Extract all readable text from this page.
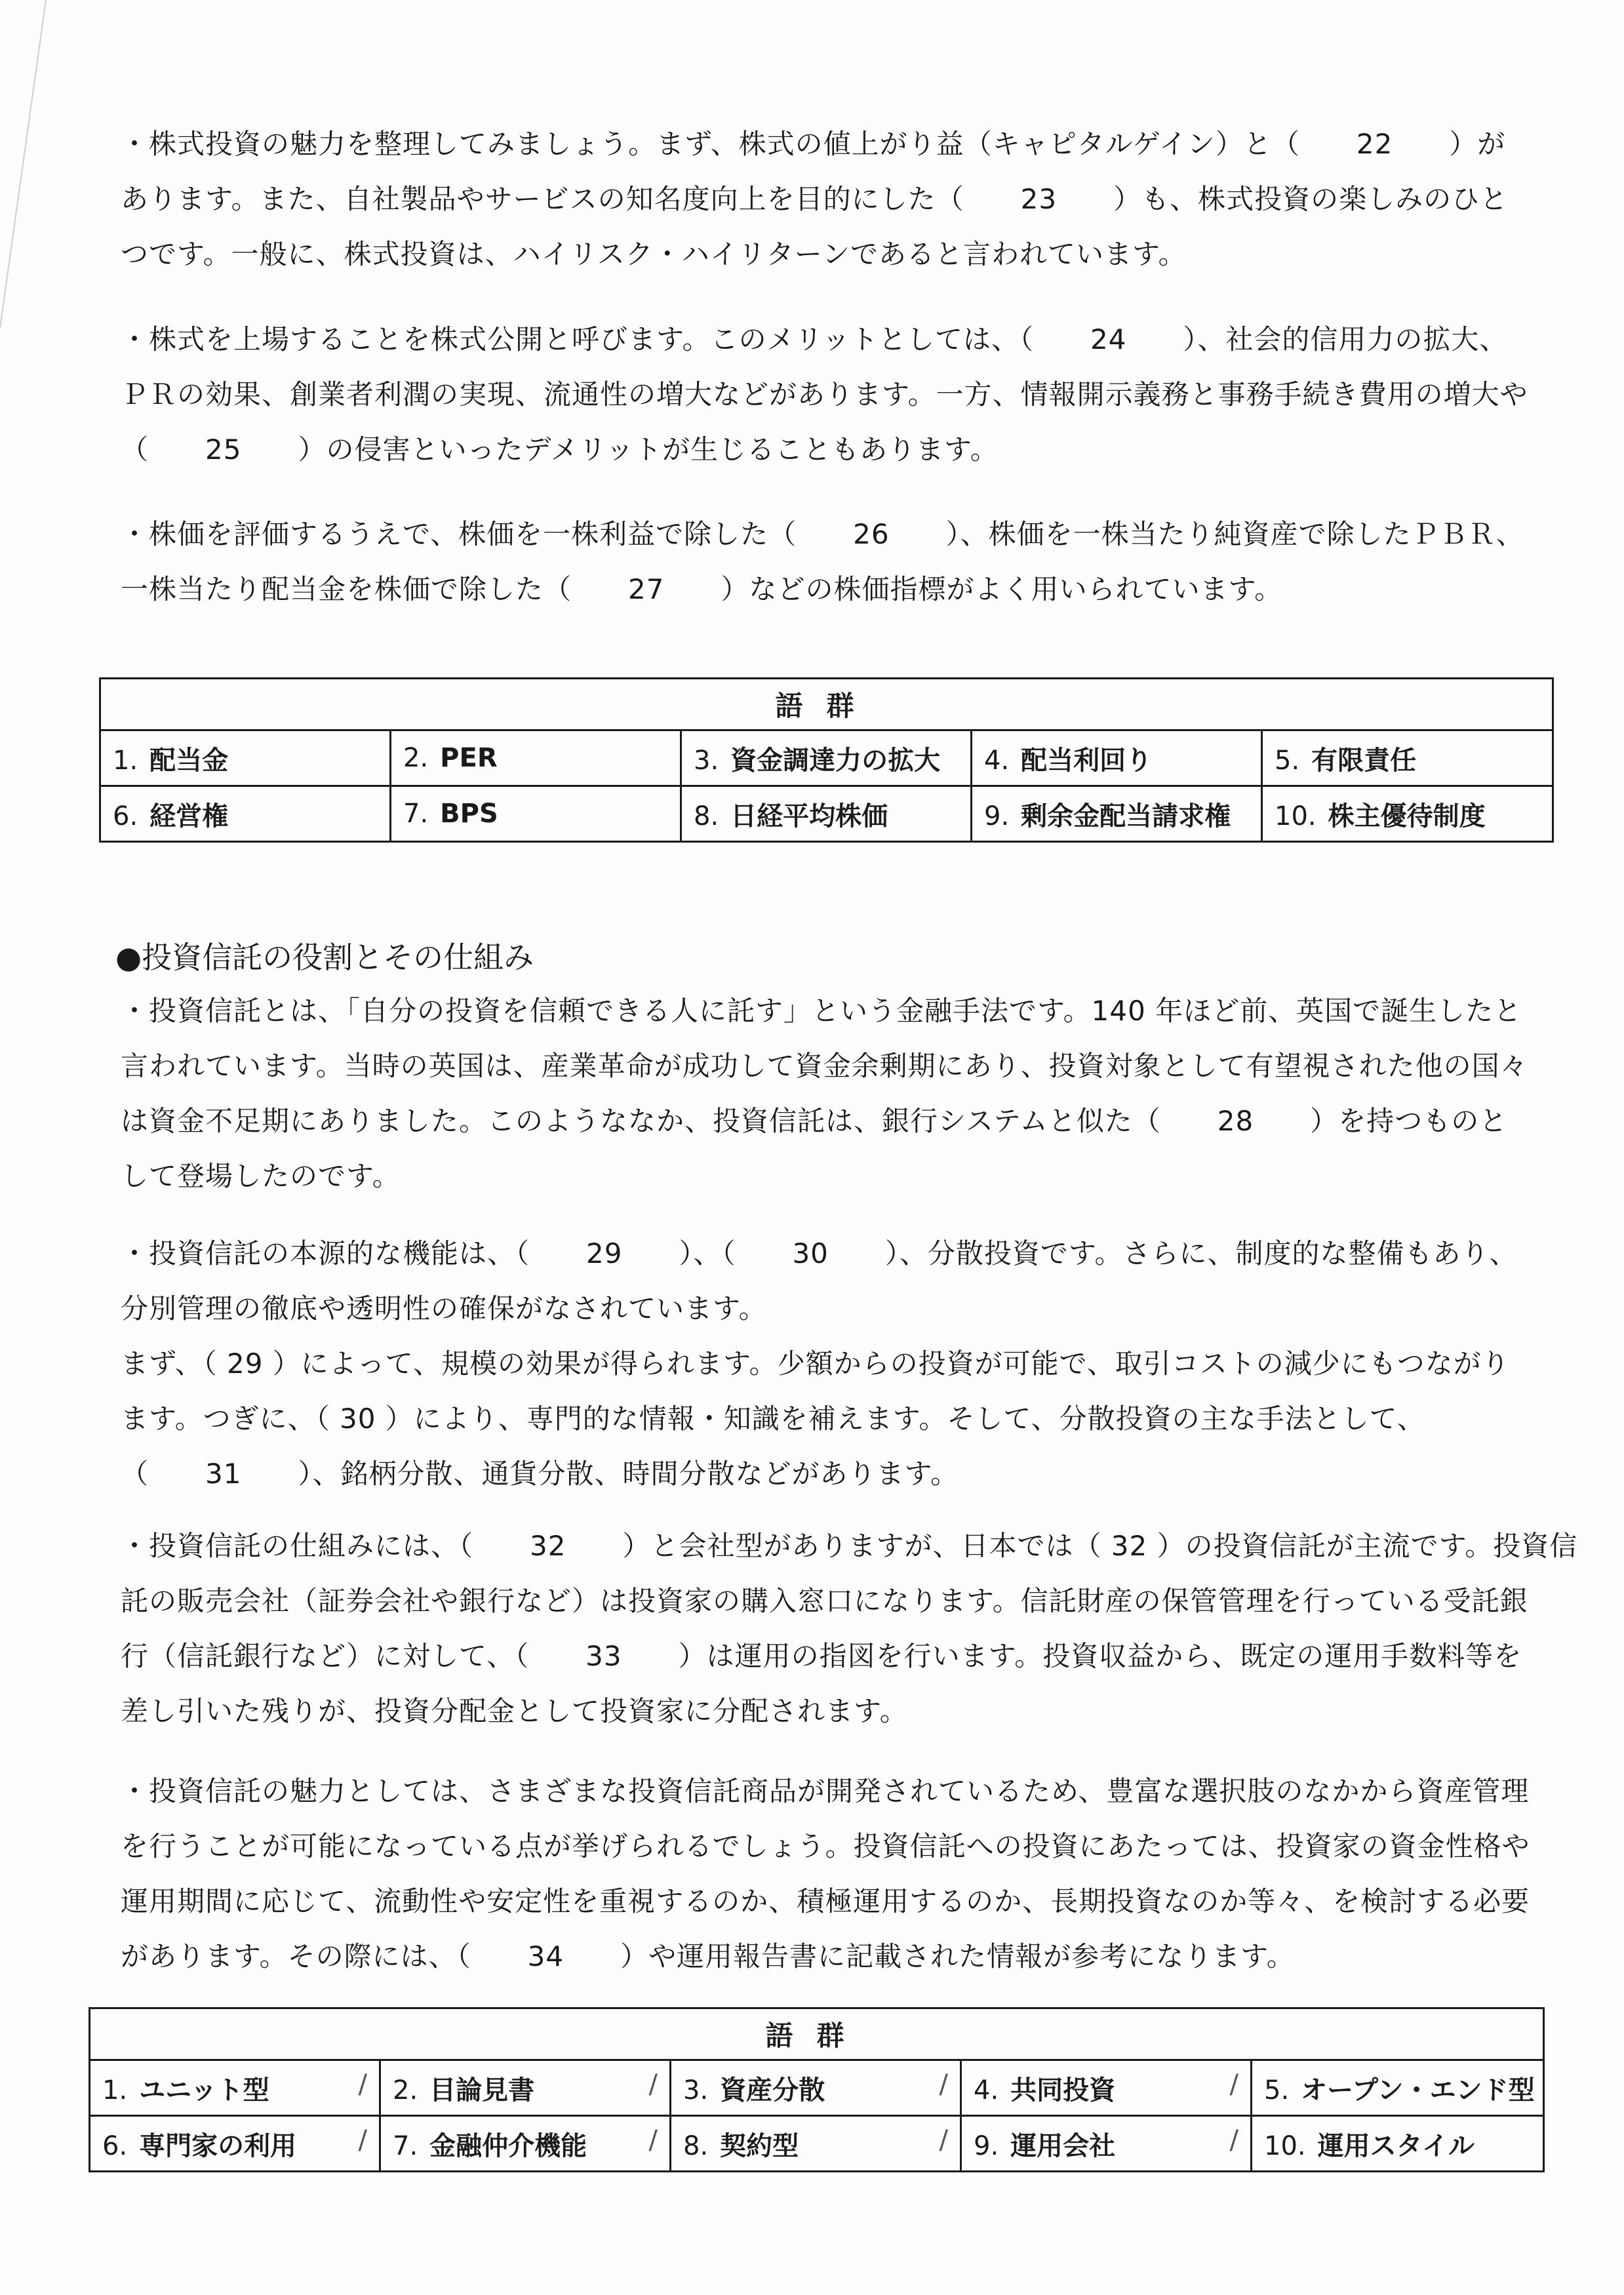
・株式投資の魅力を整理してみましょう。まず、株式の値上がり益（キャピタルゲイン）と（　　22　　）が
あります。また、自社製品やサービスの知名度向上を目的にした（　　23　　）も、株式投資の楽しみのひと
つです。一般に、株式投資は、ハイリスク・ハイリターンであると言われています。

・株式を上場することを株式公開と呼びます。このメリットとしては、（　　24　　）、社会的信用力の拡大、
ＰＲの効果、創業者利潤の実現、流通性の増大などがあります。一方、情報開示義務と事務手続き費用の増大や
（　　25　　）の侵害といったデメリットが生じることもあります。

・株価を評価するうえで、株価を一株利益で除した（　　26　　）、株価を一株当たり純資産で除したＰＢＲ、
一株当たり配当金を株価で除した（　　27　　）などの株価指標がよく用いられています。

語群				
1. 配当金	2. PER	3. 資金調達力の拡大	4. 配当利回り	5. 有限責任
6. 経営権	7. BPS	8. 日経平均株価	9. 剰余金配当請求権	10. 株主優待制度
●投資信託の役割とその仕組み

・投資信託とは、「自分の投資を信頼できる人に託す」という金融手法です。140 年ほど前、英国で誕生したと
言われています。当時の英国は、産業革命が成功して資金余剰期にあり、投資対象として有望視された他の国々
は資金不足期にありました。このようななか、投資信託は、銀行システムと似た（　　28　　）を持つものと
して登場したのです。

・投資信託の本源的な機能は、（　　29　　）、（　　30　　）、分散投資です。さらに、制度的な整備もあり、
分別管理の徹底や透明性の確保がなされています。
まず、（ 29 ）によって、規模の効果が得られます。少額からの投資が可能で、取引コストの減少にもつながり
ます。つぎに、（ 30 ）により、専門的な情報・知識を補えます。そして、分散投資の主な手法として、
（　　31　　）、銘柄分散、通貨分散、時間分散などがあります。

・投資信託の仕組みには、（　　32　　）と会社型がありますが、日本では（ 32 ）の投資信託が主流です。投資信
託の販売会社（証券会社や銀行など）は投資家の購入窓口になります。信託財産の保管管理を行っている受託銀
行（信託銀行など）に対して、（　　33　　）は運用の指図を行います。投資収益から、既定の運用手数料等を
差し引いた残りが、投資分配金として投資家に分配されます。

・投資信託の魅力としては、さまざまな投資信託商品が開発されているため、豊富な選択肢のなかから資産管理
を行うことが可能になっている点が挙げられるでしょう。投資信託への投資にあたっては、投資家の資金性格や
運用期間に応じて、流動性や安定性を重視するのか、積極運用するのか、長期投資なのか等々、を検討する必要
があります。その際には、（　　34　　）や運用報告書に記載された情報が参考になります。

語群				
1. ユニット型 /	2. 目論見書 /	3. 資産分散 /	4. 共同投資 /	5. オープン・エンド型
6. 専門家の利用 /	7. 金融仲介機能 /	8. 契約型 /	9. 運用会社 /	10. 運用スタイル
